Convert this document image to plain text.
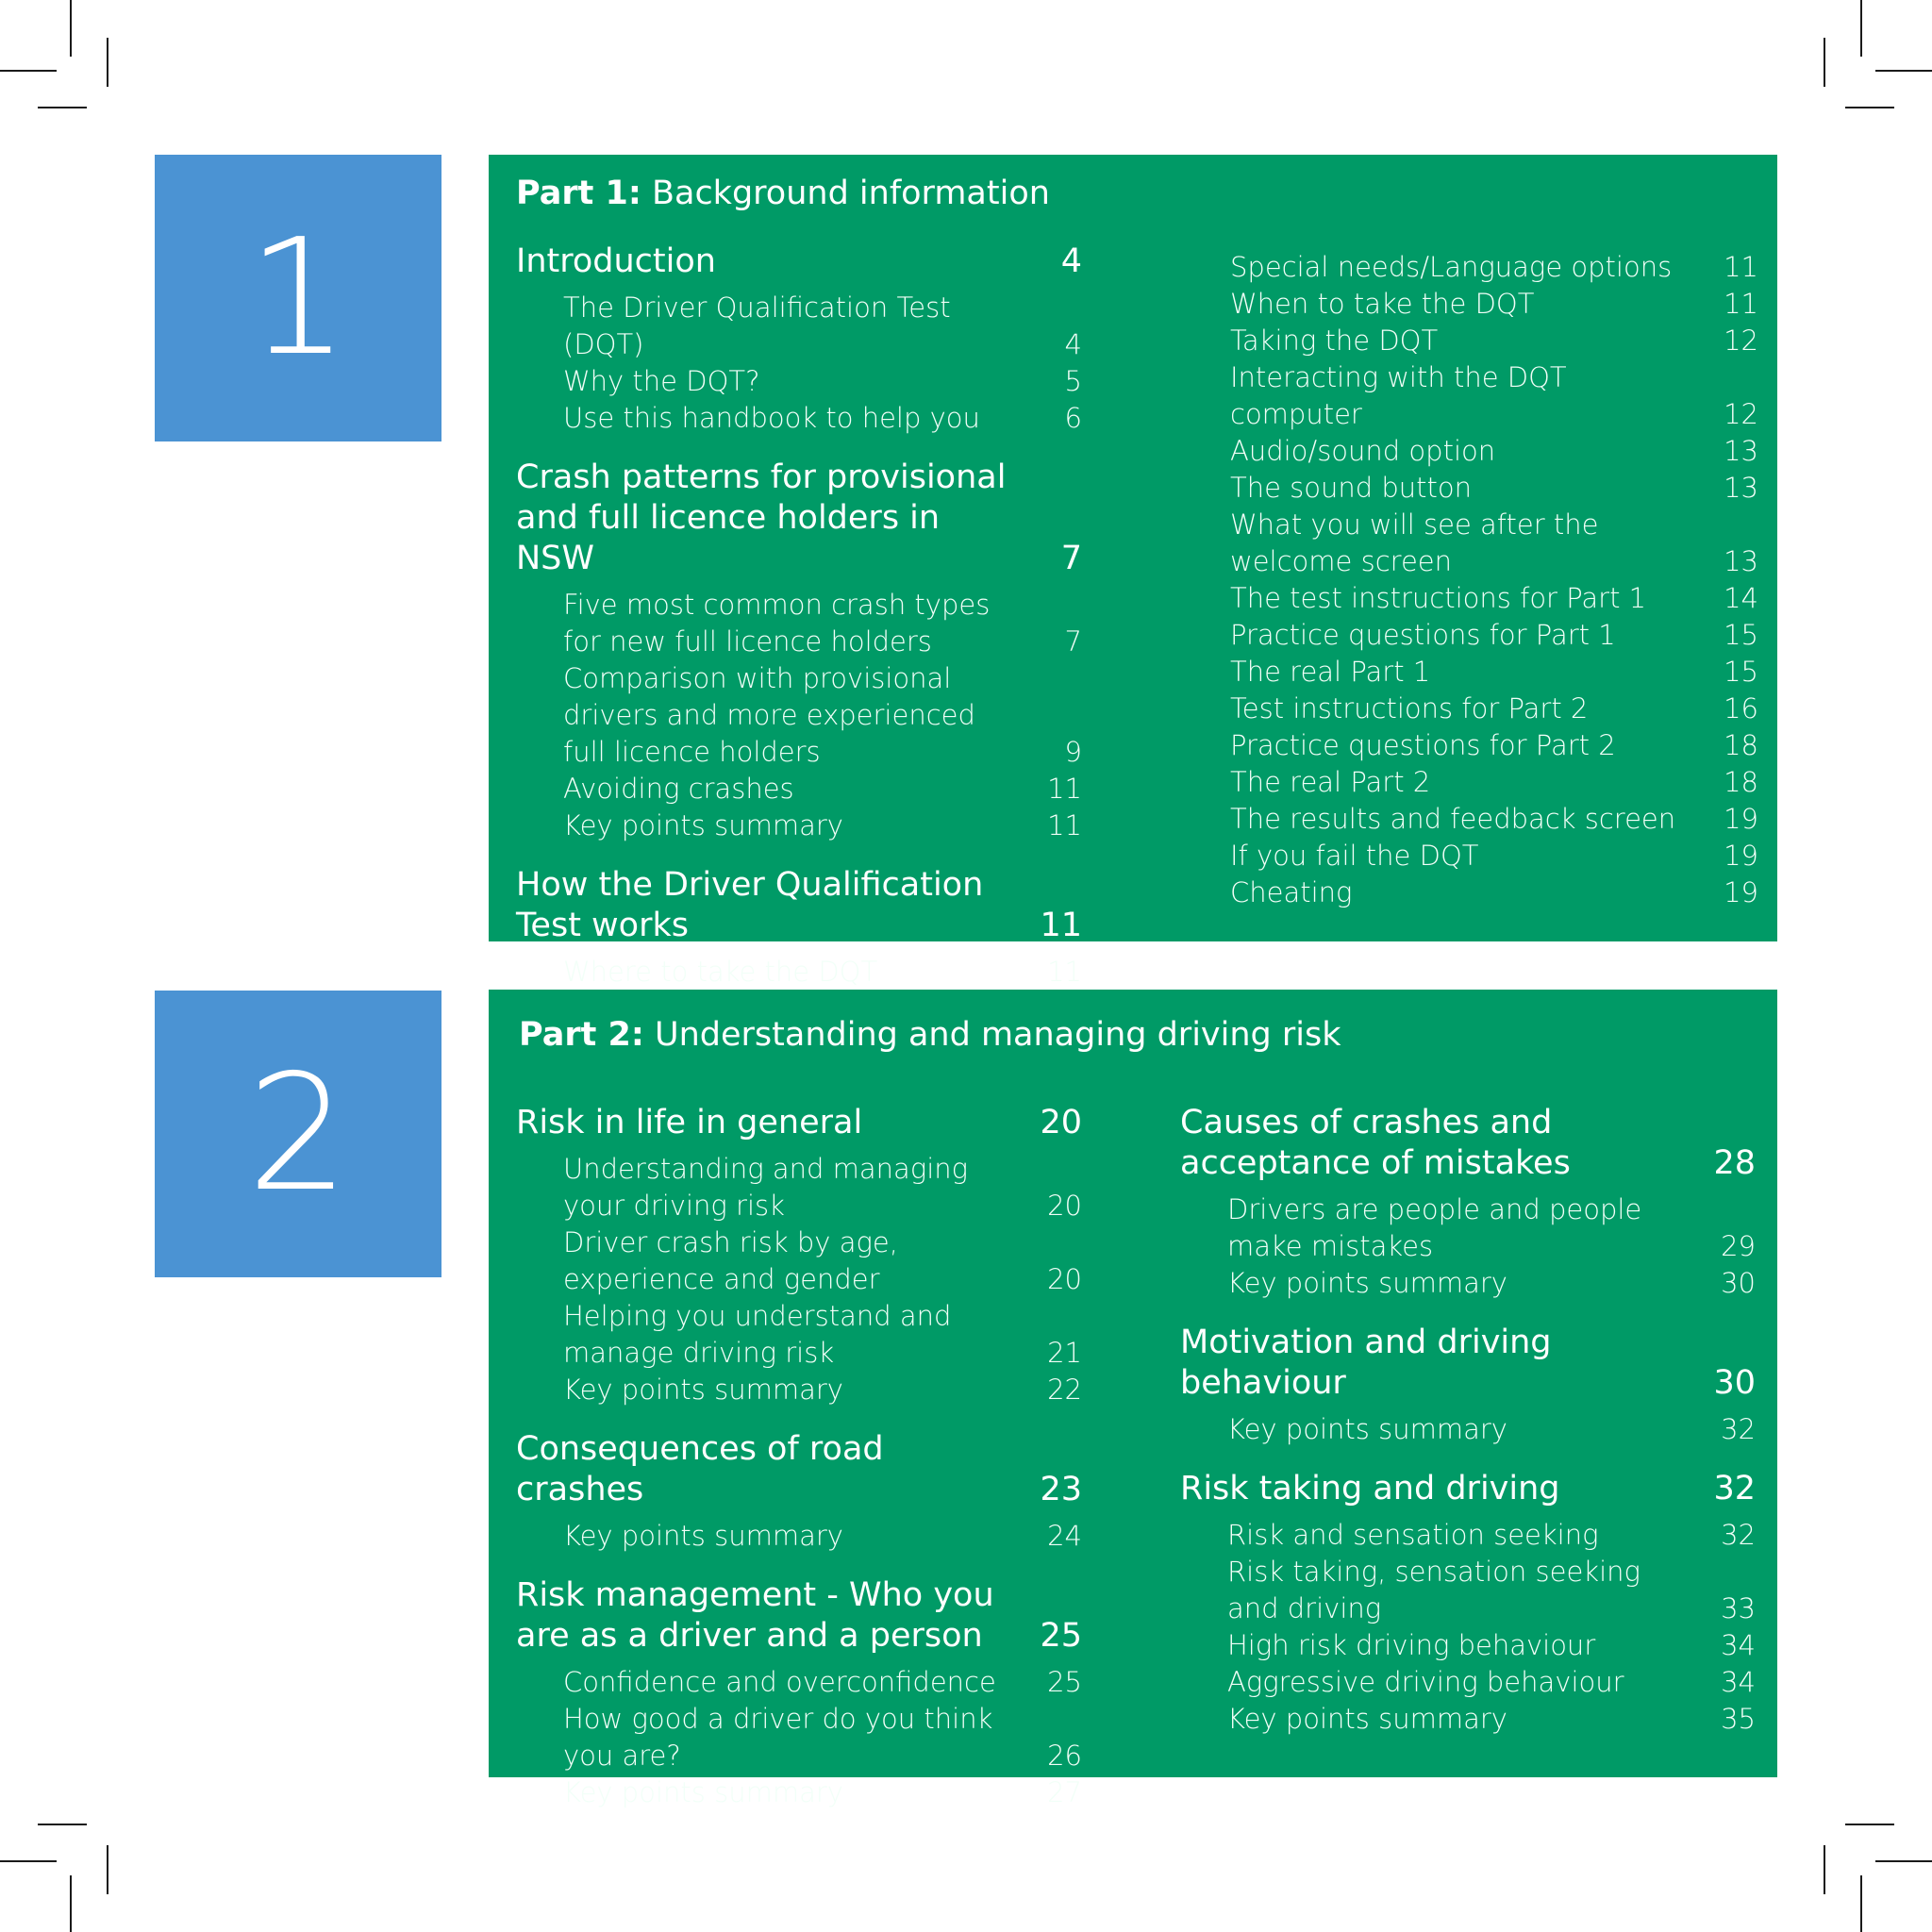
1
Part 1: Background information
Introduction	4
The Driver Qualification Test (DQT)	4
Why the DQT?	5
Use this handbook to help you	6
Crash patterns for provisional and full licence holders in NSW	7
Five most common crash types for new full licence holders	7
Comparison with provisional drivers and more experienced full licence holders	9
Avoiding crashes	11
Key points summary	11
How the Driver Qualification Test works	11
Where to take the DQT	11
Special needs/Language options	11
When to take the DQT	11
Taking the DQT	12
Interacting with the DQT computer	12
Audio/sound option	13
The sound button	13
What you will see after the welcome screen	13
The test instructions for Part 1	14
Practice questions for Part 1	15
The real Part 1	15
Test instructions for Part 2	16
Practice questions for Part 2	18
The real Part 2	18
The results and feedback screen	19
If you fail the DQT	19
Cheating	19
2
Part 2: Understanding and managing driving risk
Risk in life in general	20
Understanding and managing your driving risk	20
Driver crash risk by age, experience and gender	20
Helping you understand and manage driving risk	21
Key points summary	22
Consequences of road crashes	23
Key points summary	24
Risk management - Who you are as a driver and a person	25
Confidence and overconfidence	25
How good a driver do you think you are?	26
Key points summary	27
Causes of crashes and acceptance of mistakes	28
Drivers are people and people make mistakes	29
Key points summary	30
Motivation and driving behaviour	30
Key points summary	32
Risk taking and driving	32
Risk and sensation seeking	32
Risk taking, sensation seeking and driving	33
High risk driving behaviour	34
Aggressive driving behaviour	34
Key points summary	35
